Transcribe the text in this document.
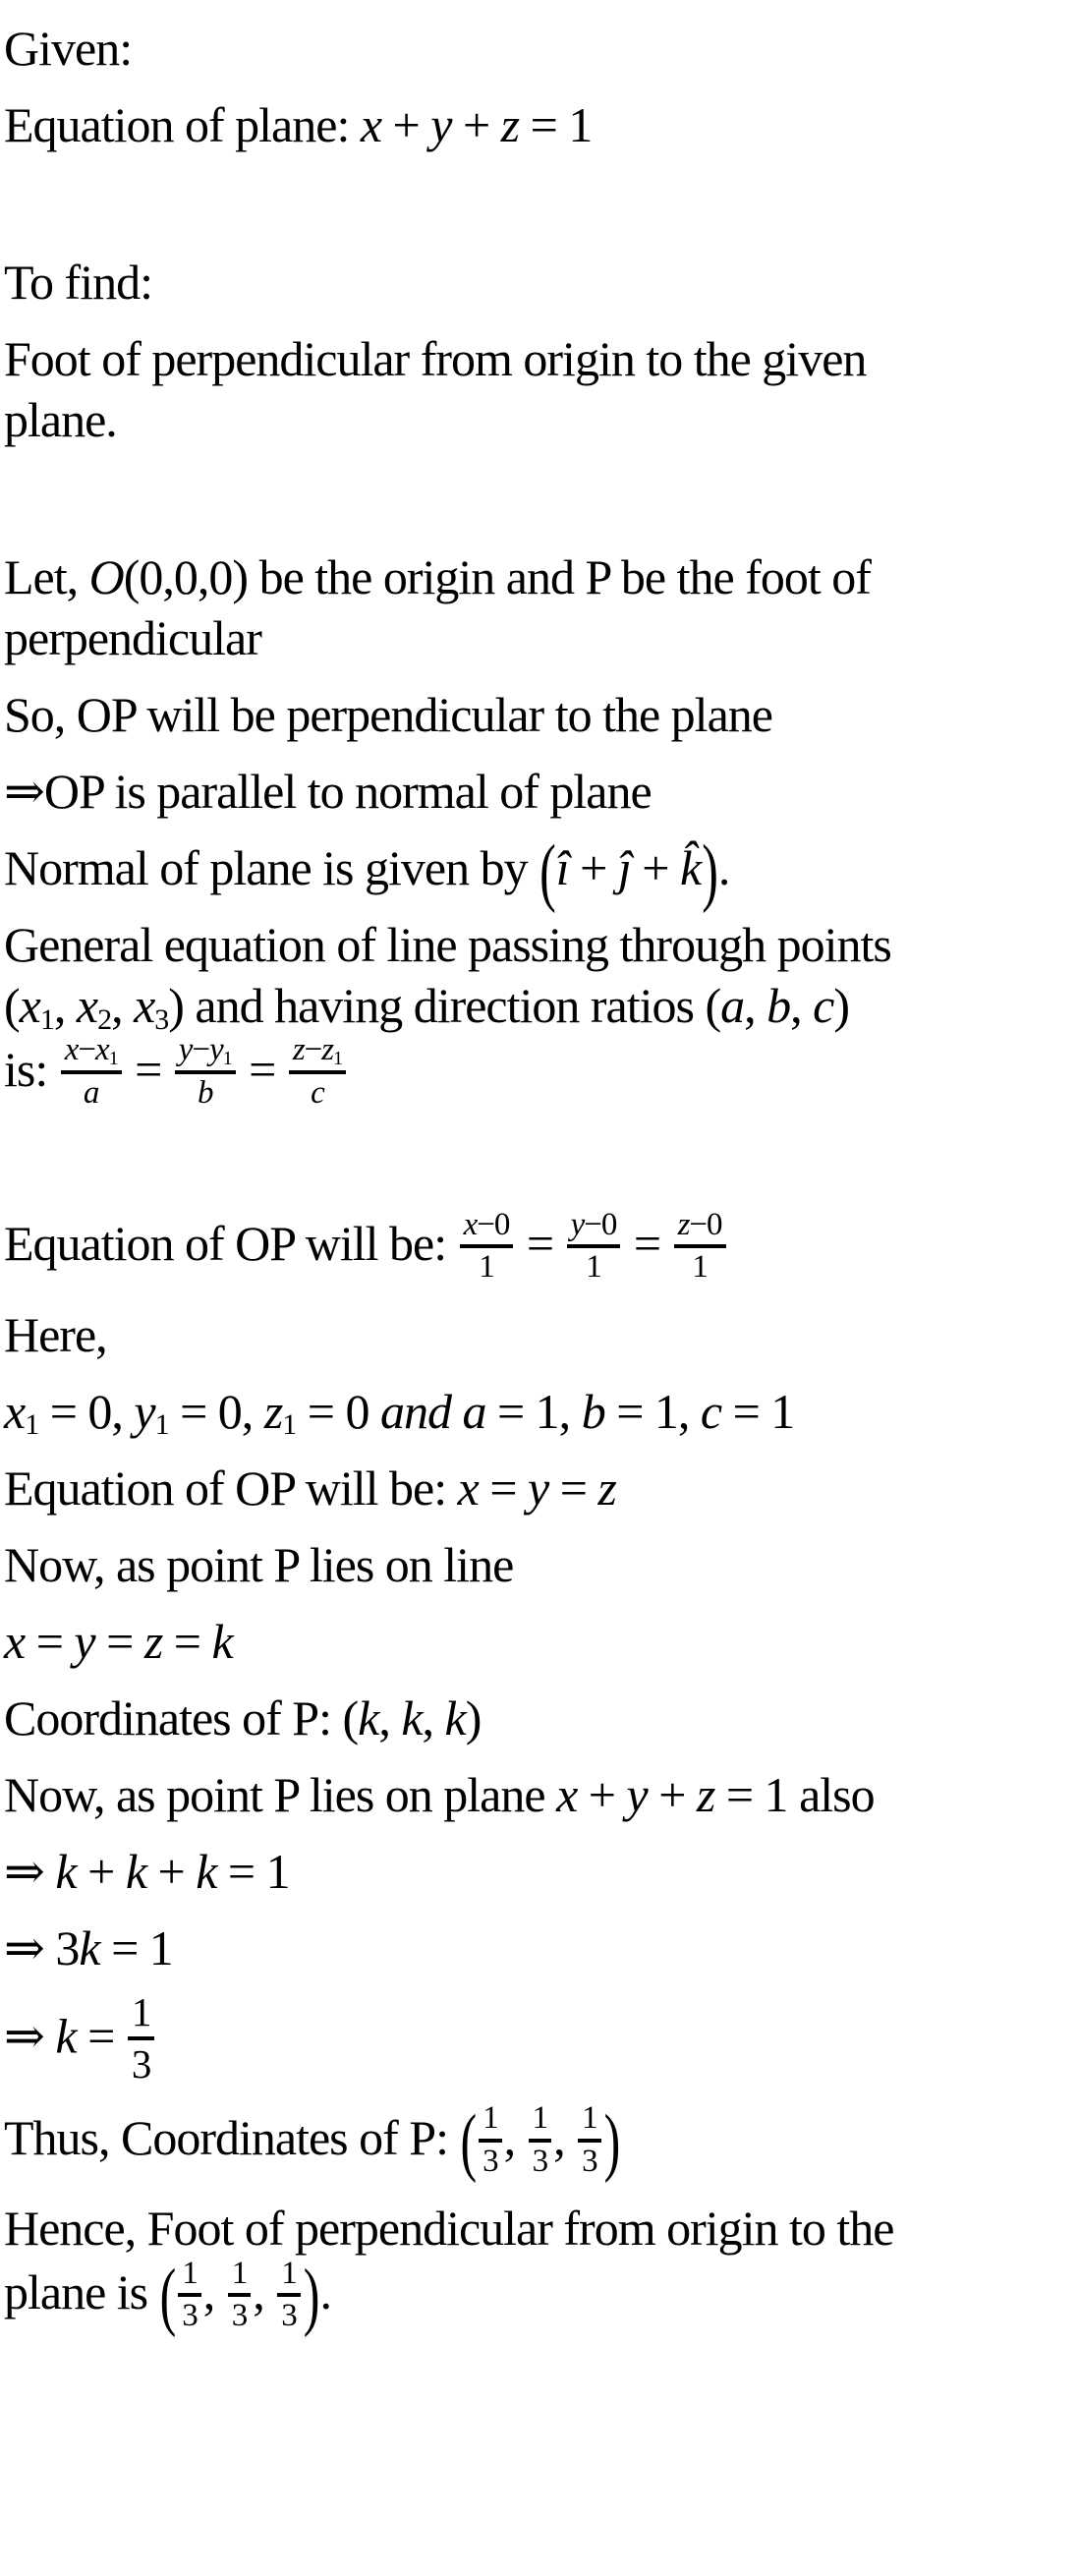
Given:
Equation of plane: x + y + z = 1
To find:
Foot of perpendicular from origin to the given
plane.
Let, O(0,0,0) be the origin and P be the foot of
perpendicular
So, OP will be perpendicular to the plane
⇒OP is parallel to normal of plane
Normal of plane is given by (î + ĵ + k̂).
General equation of line passing through points
($x_1$, $x_2$, $x_3$) and having direction ratios (a, b, c)
is: $\frac{x-x_1}{a} = \frac{y-y_1}{b} = \frac{z-z_1}{c}$
Equation of OP will be: $\frac{x-0}{1} = \frac{y-0}{1} = \frac{z-0}{1}$
Here,
$x_1 = 0$, $y_1 = 0$, $z_1 = 0$ and a = 1, b = 1, c = 1
Equation of OP will be: x = y = z
Now, as point P lies on line
x = y = z = k
Coordinates of P: (k, k, k)
Now, as point P lies on plane x + y + z = 1 also
⇒ k + k + k = 1
⇒ 3k = 1
⇒ $k = \frac{1}{3}$
Thus, Coordinates of P: ( $\frac{1}{3}$ , $\frac{1}{3}$ , $\frac{1}{3}$ )
Hence, Foot of perpendicular from origin to the
plane is ( $\frac{1}{3}$ , $\frac{1}{3}$ , $\frac{1}{3}$ ).
